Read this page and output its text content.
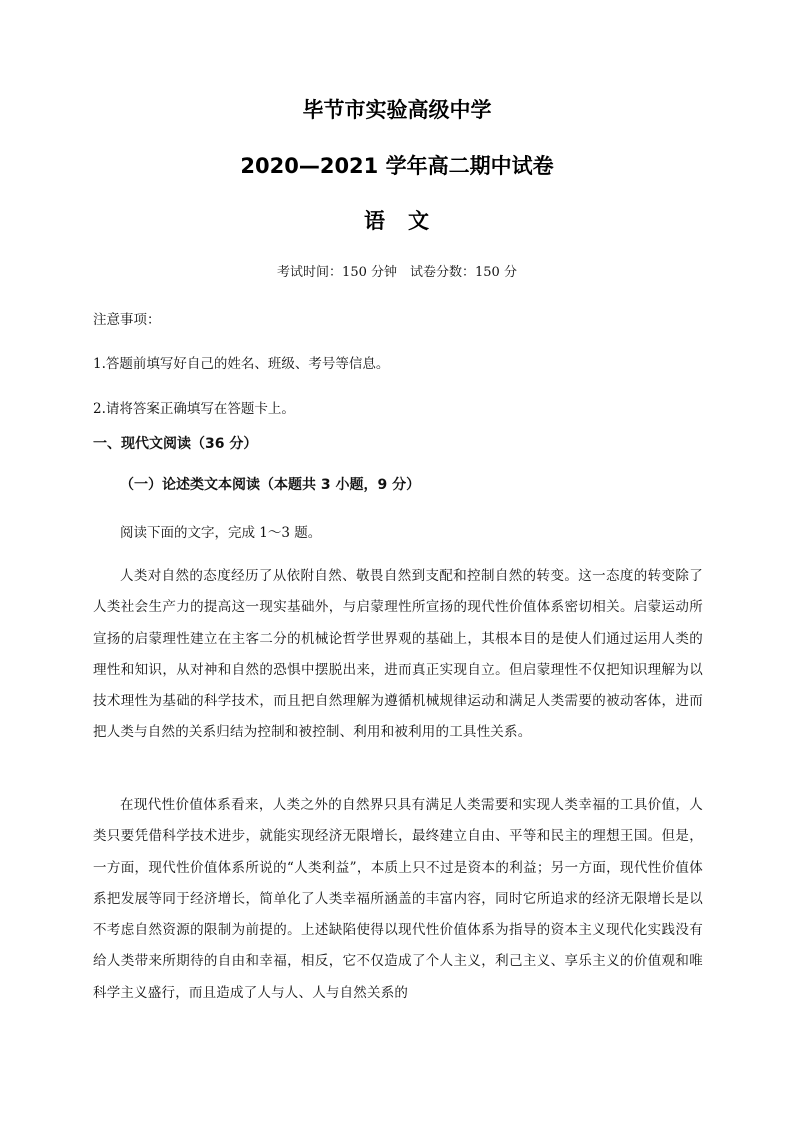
毕节市实验高级中学
2020—2021 学年高二期中试卷
语　文
考试时间：150 分钟　试卷分数：150 分
注意事项：
1.答题前填写好自己的姓名、班级、考号等信息。
2.请将答案正确填写在答题卡上。
一、现代文阅读（36 分）
（一）论述类文本阅读（本题共 3 小题，9 分）
阅读下面的文字，完成 1～3 题。
人类对自然的态度经历了从依附自然、敬畏自然到支配和控制自然的转变。这一态度的转变除了人类社会生产力的提高这一现实基础外，与启蒙理性所宣扬的现代性价值体系密切相关。启蒙运动所宣扬的启蒙理性建立在主客二分的机械论哲学世界观的基础上，其根本目的是使人们通过运用人类的理性和知识，从对神和自然的恐惧中摆脱出来，进而真正实现自立。但启蒙理性不仅把知识理解为以技术理性为基础的科学技术，而且把自然理解为遵循机械规律运动和满足人类需要的被动客体，进而把人类与自然的关系归结为控制和被控制、利用和被利用的工具性关系。
在现代性价值体系看来，人类之外的自然界只具有满足人类需要和实现人类幸福的工具价值，人类只要凭借科学技术进步，就能实现经济无限增长，最终建立自由、平等和民主的理想王国。但是，一方面，现代性价值体系所说的“人类利益”，本质上只不过是资本的利益；另一方面，现代性价值体系把发展等同于经济增长，简单化了人类幸福所涵盖的丰富内容，同时它所追求的经济无限增长是以不考虑自然资源的限制为前提的。上述缺陷使得以现代性价值体系为指导的资本主义现代化实践没有给人类带来所期待的自由和幸福，相反，它不仅造成了个人主义，利己主义、享乐主义的价值观和唯科学主义盛行，而且造成了人与人、人与自然关系的
